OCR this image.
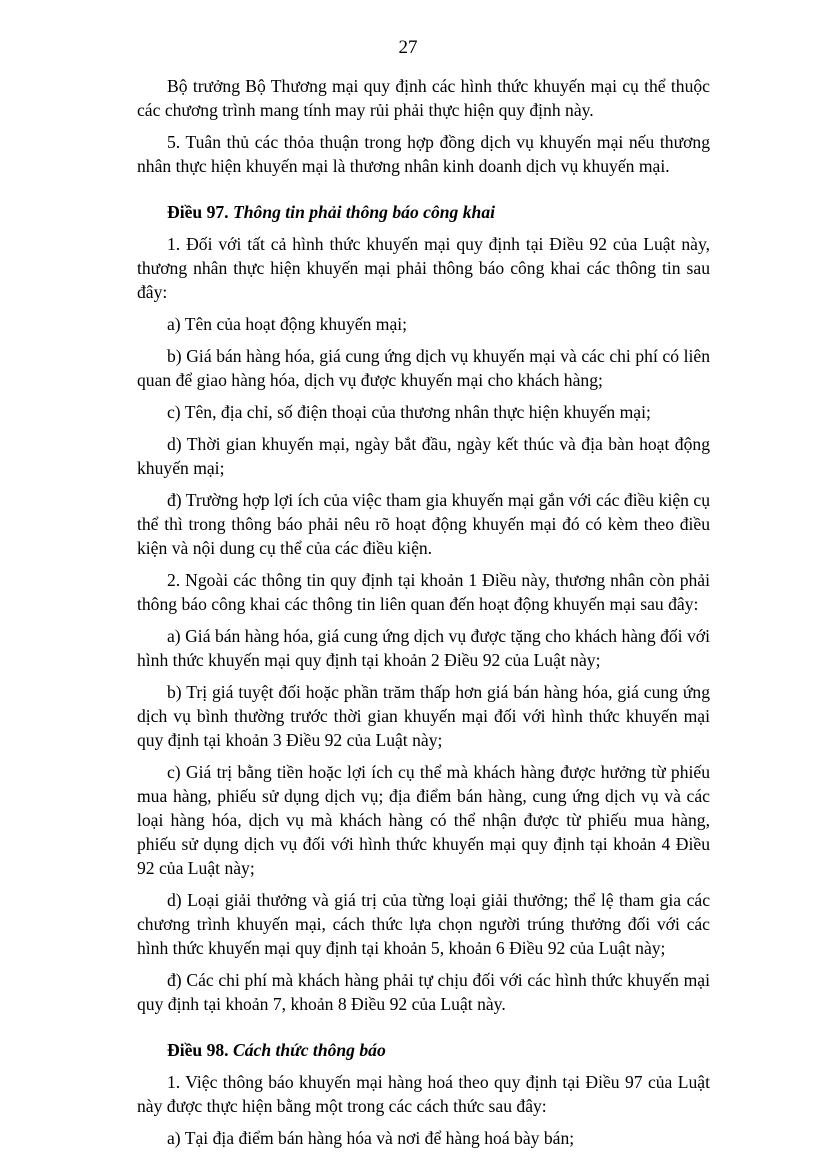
27

Bộ trưởng Bộ Thương mại quy định các hình thức khuyến mại cụ thể thuộc các chương trình mang tính may rủi phải thực hiện quy định này.

5. Tuân thủ các thỏa thuận trong hợp đồng dịch vụ khuyến mại nếu thương nhân thực hiện khuyến mại là thương nhân kinh doanh dịch vụ khuyến mại.

Điều 97. Thông tin phải thông báo công khai

1. Đối với tất cả hình thức khuyến mại quy định tại Điều 92 của Luật này, thương nhân thực hiện khuyến mại phải thông báo công khai các thông tin sau đây:

a) Tên của hoạt động khuyến mại;

b) Giá bán hàng hóa, giá cung ứng dịch vụ khuyến mại và các chi phí có liên quan để giao hàng hóa, dịch vụ được khuyến mại cho khách hàng;

c) Tên, địa chỉ, số điện thoại của thương nhân thực hiện khuyến mại;

d) Thời gian khuyến mại, ngày bắt đầu, ngày kết thúc và địa bàn hoạt động khuyến mại;

đ) Trường hợp lợi ích của việc tham gia khuyến mại gắn với các điều kiện cụ thể thì trong thông báo phải nêu rõ hoạt động khuyến mại đó có kèm theo điều kiện và nội dung cụ thể của các điều kiện.

2. Ngoài các thông tin quy định tại khoản 1 Điều này, thương nhân còn phải thông báo công khai các thông tin liên quan đến hoạt động khuyến mại sau đây:

a) Giá bán hàng hóa, giá cung ứng dịch vụ được tặng cho khách hàng đối với hình thức khuyến mại quy định tại khoản 2 Điều 92 của Luật này;

b) Trị giá tuyệt đối hoặc phần trăm thấp hơn giá bán hàng hóa, giá cung ứng dịch vụ bình thường trước thời gian khuyến mại đối với hình thức khuyến mại quy định tại khoản 3 Điều 92 của Luật này;

c) Giá trị bằng tiền hoặc lợi ích cụ thể mà khách hàng được hưởng từ phiếu mua hàng, phiếu sử dụng dịch vụ; địa điểm bán hàng, cung ứng dịch vụ và các loại hàng hóa, dịch vụ mà khách hàng có thể nhận được từ phiếu mua hàng, phiếu sử dụng dịch vụ đối với hình thức khuyến mại quy định tại khoản 4 Điều 92 của Luật này;

d) Loại giải thưởng và giá trị của từng loại giải thưởng; thể lệ tham gia các chương trình khuyến mại, cách thức lựa chọn người trúng thưởng đối với các hình thức khuyến mại quy định tại khoản 5, khoản 6 Điều 92 của Luật này;

đ) Các chi phí mà khách hàng phải tự chịu đối với các hình thức khuyến mại quy định tại khoản 7, khoản 8 Điều 92 của Luật này.

Điều 98. Cách thức thông báo

1. Việc thông báo khuyến mại hàng hoá theo quy định tại Điều 97 của Luật này được thực hiện bằng một trong các cách thức sau đây:

a) Tại địa điểm bán hàng hóa và nơi để hàng hoá bày bán;
